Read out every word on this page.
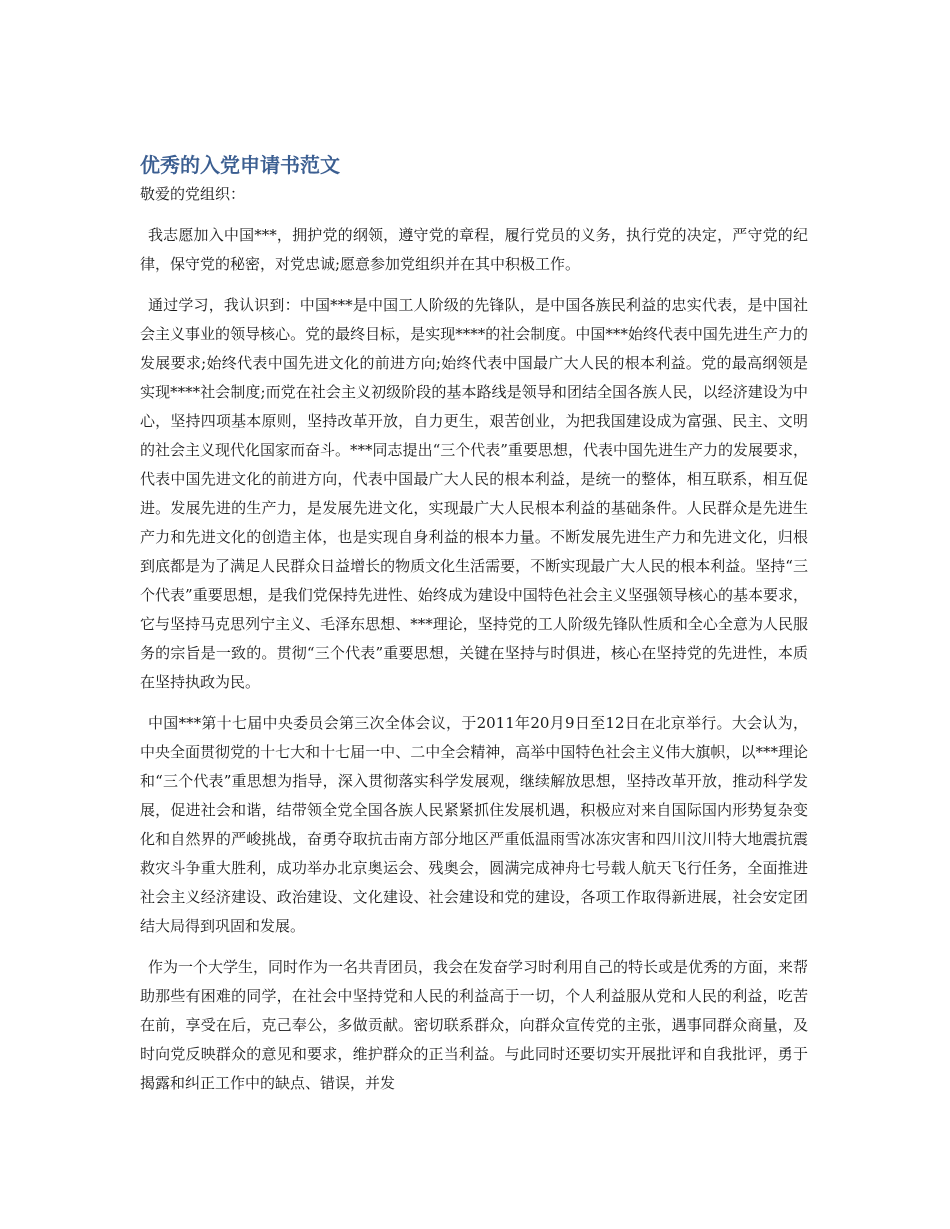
优秀的入党申请书范文

敬爱的党组织：

我志愿加入中国***，拥护党的纲领，遵守党的章程，履行党员的义务，执行党的决定，严守党的纪律，保守党的秘密，对党忠诚;愿意参加党组织并在其中积极工作。

通过学习，我认识到：中国***是中国工人阶级的先锋队，是中国各族民利益的忠实代表，是中国社会主义事业的领导核心。党的最终目标，是实现****的社会制度。中国***始终代表中国先进生产力的发展要求;始终代表中国先进文化的前进方向;始终代表中国最广大人民的根本利益。党的最高纲领是实现****社会制度;而党在社会主义初级阶段的基本路线是领导和团结全国各族人民，以经济建设为中心，坚持四项基本原则，坚持改革开放，自力更生，艰苦创业，为把我国建设成为富强、民主、文明的社会主义现代化国家而奋斗。***同志提出“三个代表”重要思想，代表中国先进生产力的发展要求，代表中国先进文化的前进方向，代表中国最广大人民的根本利益，是统一的整体，相互联系，相互促进。发展先进的生产力，是发展先进文化，实现最广大人民根本利益的基础条件。人民群众是先进生产力和先进文化的创造主体，也是实现自身利益的根本力量。不断发展先进生产力和先进文化，归根到底都是为了满足人民群众日益增长的物质文化生活需要，不断实现最广大人民的根本利益。坚持“三个代表”重要思想，是我们党保持先进性、始终成为建设中国特色社会主义坚强领导核心的基本要求，它与坚持马克思列宁主义、毛泽东思想、***理论，坚持党的工人阶级先锋队性质和全心全意为人民服务的宗旨是一致的。贯彻“三个代表”重要思想，关键在坚持与时俱进，核心在坚持党的先进性，本质在坚持执政为民。

中国***第十七届中央委员会第三次全体会议，于2011年20月9日至12日在北京举行。大会认为，中央全面贯彻党的十七大和十七届一中、二中全会精神，高举中国特色社会主义伟大旗帜，以***理论和“三个代表”重思想为指导，深入贯彻落实科学发展观，继续解放思想，坚持改革开放，推动科学发展，促进社会和谐，结带领全党全国各族人民紧紧抓住发展机遇，积极应对来自国际国内形势复杂变化和自然界的严峻挑战，奋勇夺取抗击南方部分地区严重低温雨雪冰冻灾害和四川汶川特大地震抗震救灾斗争重大胜利，成功举办北京奥运会、残奥会，圆满完成神舟七号载人航天飞行任务，全面推进社会主义经济建设、政治建设、文化建设、社会建设和党的建设，各项工作取得新进展，社会安定团结大局得到巩固和发展。

作为一个大学生，同时作为一名共青团员，我会在发奋学习时利用自己的特长或是优秀的方面，来帮助那些有困难的同学，在社会中坚持党和人民的利益高于一切，个人利益服从党和人民的利益，吃苦在前，享受在后，克己奉公，多做贡献。密切联系群众，向群众宣传党的主张，遇事同群众商量，及时向党反映群众的意见和要求，维护群众的正当利益。与此同时还要切实开展批评和自我批评，勇于揭露和纠正工作中的缺点、错误，并发
